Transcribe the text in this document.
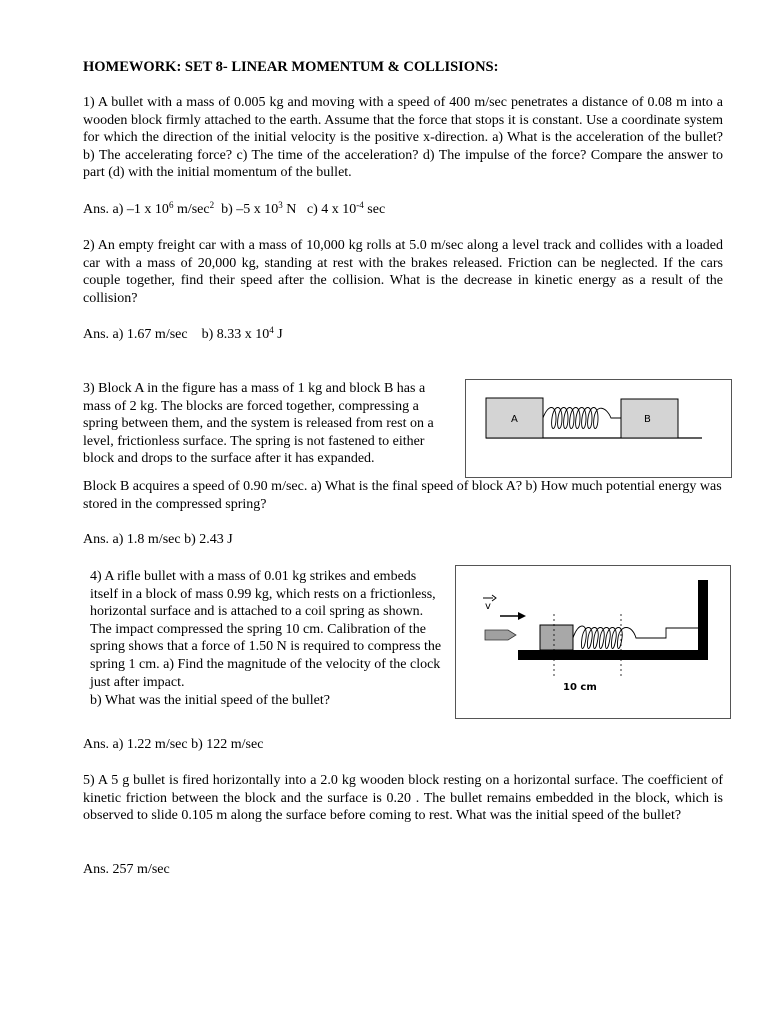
HOMEWORK: SET 8- LINEAR MOMENTUM & COLLISIONS:

1) A bullet with a mass of 0.005 kg and moving with a speed of 400 m/sec penetrates a distance of 0.08 m into a wooden block firmly attached to the earth. Assume that the force that stops it is constant. Use a coordinate system for which the direction of the initial velocity is the positive x-direction. a) What is the acceleration of the bullet? b) The accelerating force? c) The time of the acceleration? d) The impulse of the force? Compare the answer to part (d) with the initial momentum of the bullet.

Ans. a) –1 x $10^6$ $m/\sec^2$ b) –5 x $10^3$ N c) 4 x $10^{-4}$ sec

2) An empty freight car with a mass of 10,000 kg rolls at 5.0 m/sec along a level track and collides with a loaded car with a mass of 20,000 kg, standing at rest with the brakes released. Friction can be neglected. If the cars couple together, find their speed after the collision. What is the decrease in kinetic energy as a result of the collision?

Ans. a) 1.67 m/sec b) 8.33 x $10^4$ J

3) Block A in the figure has a mass of 1 kg and block B has a mass of 2 kg. The blocks are forced together, compressing a spring between them, and the system is released from rest on a level, frictionless surface. The spring is not fastened to either block and drops to the surface after it has expanded.

A	B

Block B acquires a speed of 0.90 m/sec. a) What is the final speed of block A? b) How much potential energy was stored in the compressed spring?

Ans. a) 1.8 m/sec b) 2.43 J

4) A rifle bullet with a mass of 0.01 kg strikes and embeds itself in a block of mass 0.99 kg, which rests on a frictionless, horizontal surface and is attached to a coil spring as shown. The impact compressed the spring 10 cm. Calibration of the spring shows that a force of 1.50 N is required to compress the spring 1 cm. a) Find the magnitude of the velocity of the clock just after impact.

b) What was the initial speed of the bullet?

v
10 cm
Ans. a) 1.22 m/sec b) 122 m/sec

5) A 5 g bullet is fired horizontally into a 2.0 kg wooden block resting on a horizontal surface. The coefficient of kinetic friction between the block and the surface is 0.20 . The bullet remains embedded in the block, which is observed to slide 0.105 m along the surface before coming to rest. What was the initial speed of the bullet?

Ans. 257 m/sec
